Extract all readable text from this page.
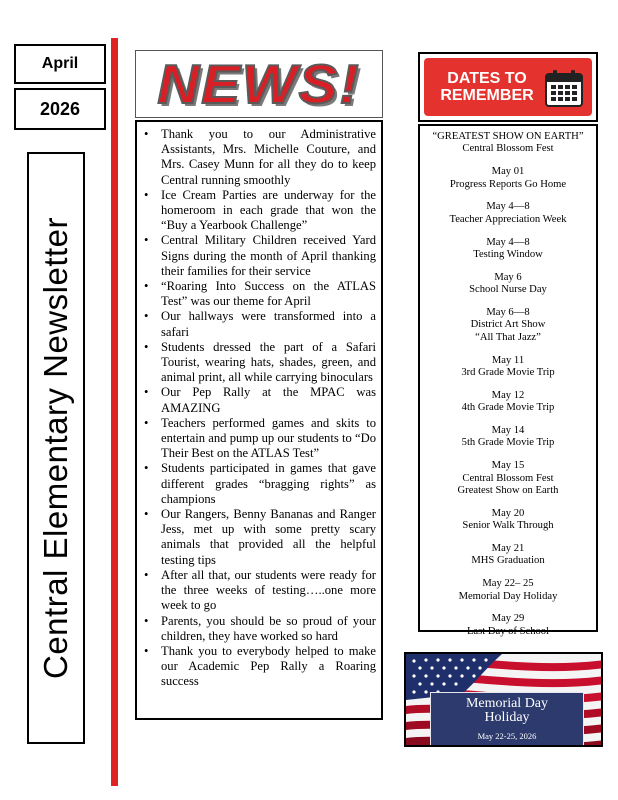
April
2026
Central Elementary Newsletter
NEWS!
• Thank you to our Administrative Assistants, Mrs. Michelle Couture, and Mrs. Casey Munn for all they do to keep Central running smoothly
• Ice Cream Parties are underway for the homeroom in each grade that won the “Buy a Yearbook Challenge”
• Central Military Children received Yard Signs during the month of April thanking their families for their service
• “Roaring Into Success on the ATLAS Test” was our theme for April
• Our hallways were transformed into a safari
• Students dressed the part of a Safari Tourist, wearing hats, shades, green, and animal print, all while carrying binoculars
• Our Pep Rally at the MPAC was AMAZING
• Teachers performed games and skits to entertain and pump up our students to “Do Their Best on the ATLAS Test”
• Students participated in games that gave different grades “bragging rights” as champions
• Our Rangers, Benny Bananas and Ranger Jess, met up with some pretty scary animals that provided all the helpful testing tips
• After all that, our students were ready for the three weeks of testing…..one more week to go
• Parents, you should be so proud of your children, they have worked so hard
• Thank you to everybody helped to make our Academic Pep Rally a Roaring success
DATES TO
REMEMBER
“GREATEST SHOW ON EARTH”
Central Blossom Fest
May 01
Progress Reports Go Home
May 4—8
Teacher Appreciation Week
May 4—8
Testing Window
May 6
School Nurse Day
May 6—8
District Art Show
“All That Jazz”
May 11
3rd Grade Movie Trip
May 12
4th Grade Movie Trip
May 14
5th Grade Movie Trip
May 15
Central Blossom Fest
Greatest Show on Earth
May 20
Senior Walk Through
May 21
MHS Graduation
May 22– 25
Memorial Day Holiday
May 29
Last Day of School
Memorial Day
Holiday
May 22-25, 2026
